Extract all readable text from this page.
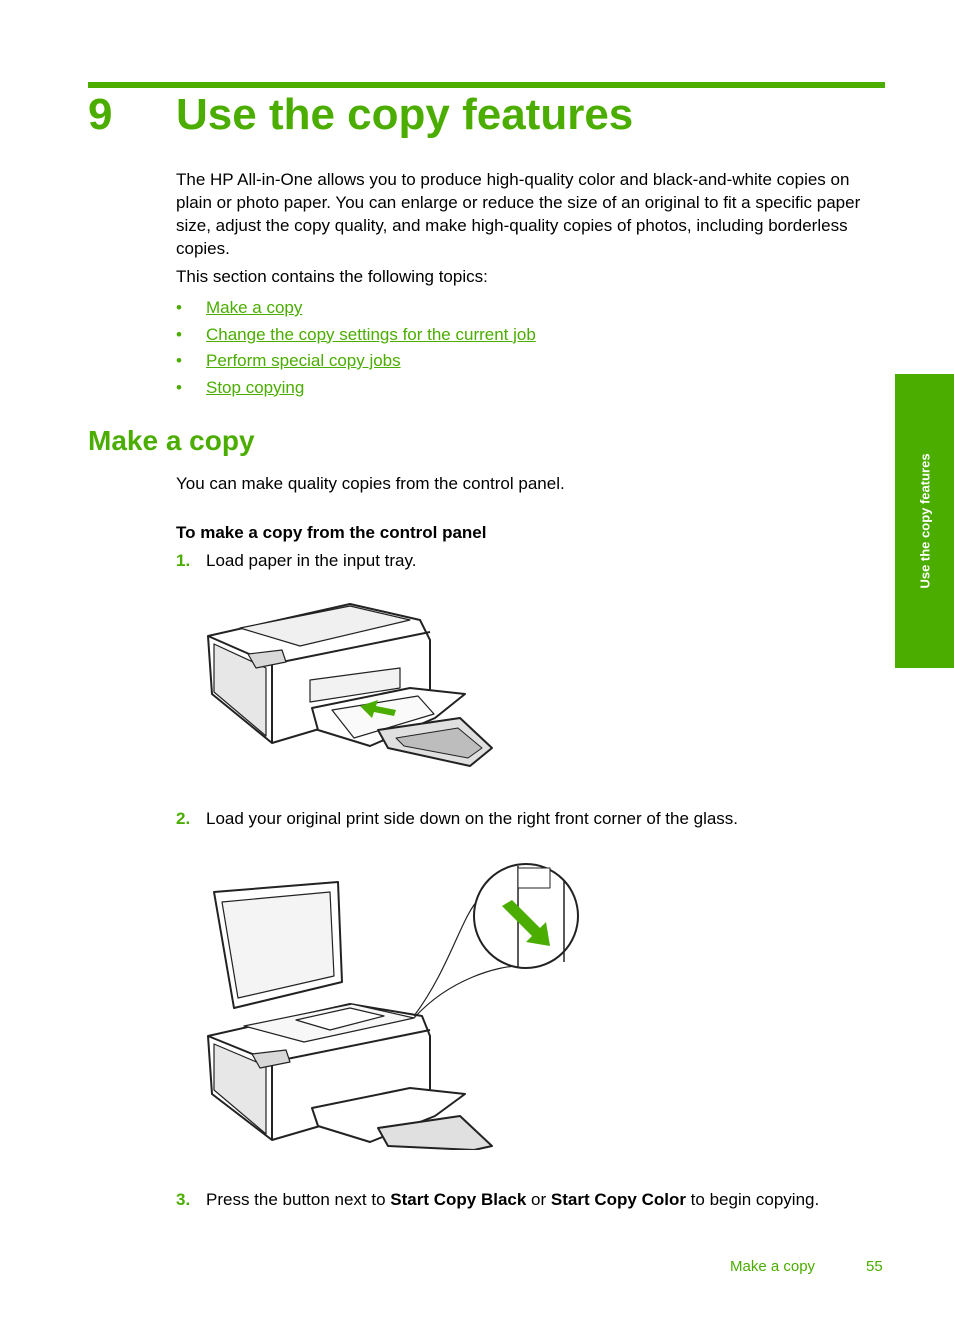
9 Use the copy features

The HP All-in-One allows you to produce high-quality color and black-and-white copies on plain or photo paper. You can enlarge or reduce the size of an original to fit a specific paper size, adjust the copy quality, and make high-quality copies of photos, including borderless copies.

This section contains the following topics:

• Make a copy
• Change the copy settings for the current job
• Perform special copy jobs
• Stop copying
Make a copy

You can make quality copies from the control panel.

To make a copy from the control panel

1. Load paper in the input tray.
2. Load your original print side down on the right front corner of the glass.
3. Press the button next to Start Copy Black or Start Copy Color to begin copying.
Use the copy features
Make a copy	55
